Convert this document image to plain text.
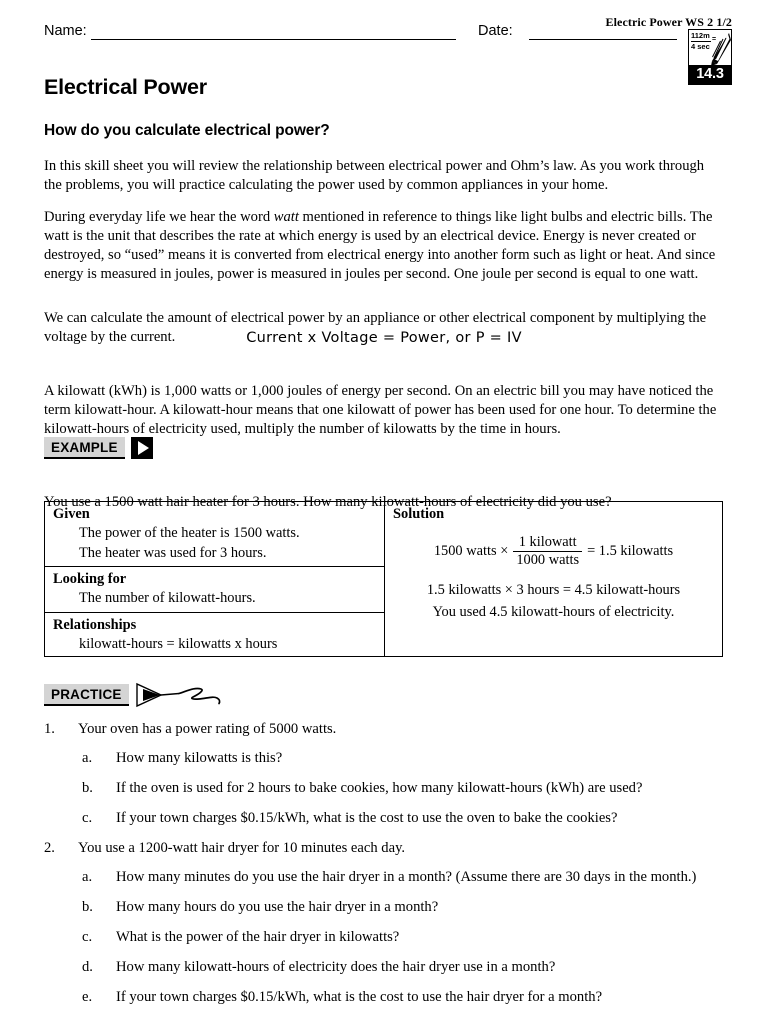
Name:	Date:
Electric Power WS 2 1/2
112m
4 sec
=
14.3
Electrical Power
How do you calculate electrical power?

In this skill sheet you will review the relationship between electrical power and Ohm’s law. As you work through the problems, you will practice calculating the power used by common appliances in your home.

During everyday life we hear the word watt mentioned in reference to things like light bulbs and electric bills. The watt is the unit that describes the rate at which energy is used by an electrical device. Energy is never created or destroyed, so “used” means it is converted from electrical energy into another form such as light or heat. And since energy is measured in joules, power is measured in joules per second. One joule per second is equal to one watt.

We can calculate the amount of electrical power by an appliance or other electrical component by multiplying the voltage by the current.	Current x Voltage = Power, or P = IV

A kilowatt (kWh) is 1,000 watts or 1,000 joules of energy per second. On an electric bill you may have noticed the term kilowatt-hour. A kilowatt-hour means that one kilowatt of power has been used for one hour. To determine the kilowatt-hours of electricity used, multiply the number of kilowatts by the time in hours.

EXAMPLE

You use a 1500 watt hair heater for 3 hours. How many kilowatt-hours of electricity did you use?

Given
The power of the heater is 1500 watts.
The heater was used for 3 hours.
Looking for
The number of kilowatt-hours.
Relationships
kilowatt-hours = kilowatts x hours
Solution
1500 watts × $\frac{\text{1 kilowatt}}{\text{1000 watts}} = 1.5$ kilowatts
1.5 kilowatts × 3 hours = 4.5 kilowatt-hours
You used 4.5 kilowatt-hours of electricity.
PRACTICE
1.	Your oven has a power rating of 5000 watts.
a.	How many kilowatts is this?
b.	If the oven is used for 2 hours to bake cookies, how many kilowatt-hours (kWh) are used?
c.	If your town charges $0.15/kWh, what is the cost to use the oven to bake the cookies?
2.	You use a 1200-watt hair dryer for 10 minutes each day.
a.	How many minutes do you use the hair dryer in a month? (Assume there are 30 days in the month.)
b.	How many hours do you use the hair dryer in a month?
c.	What is the power of the hair dryer in kilowatts?
d.	How many kilowatt-hours of electricity does the hair dryer use in a month?
e.	If your town charges $0.15/kWh, what is the cost to use the hair dryer for a month?
